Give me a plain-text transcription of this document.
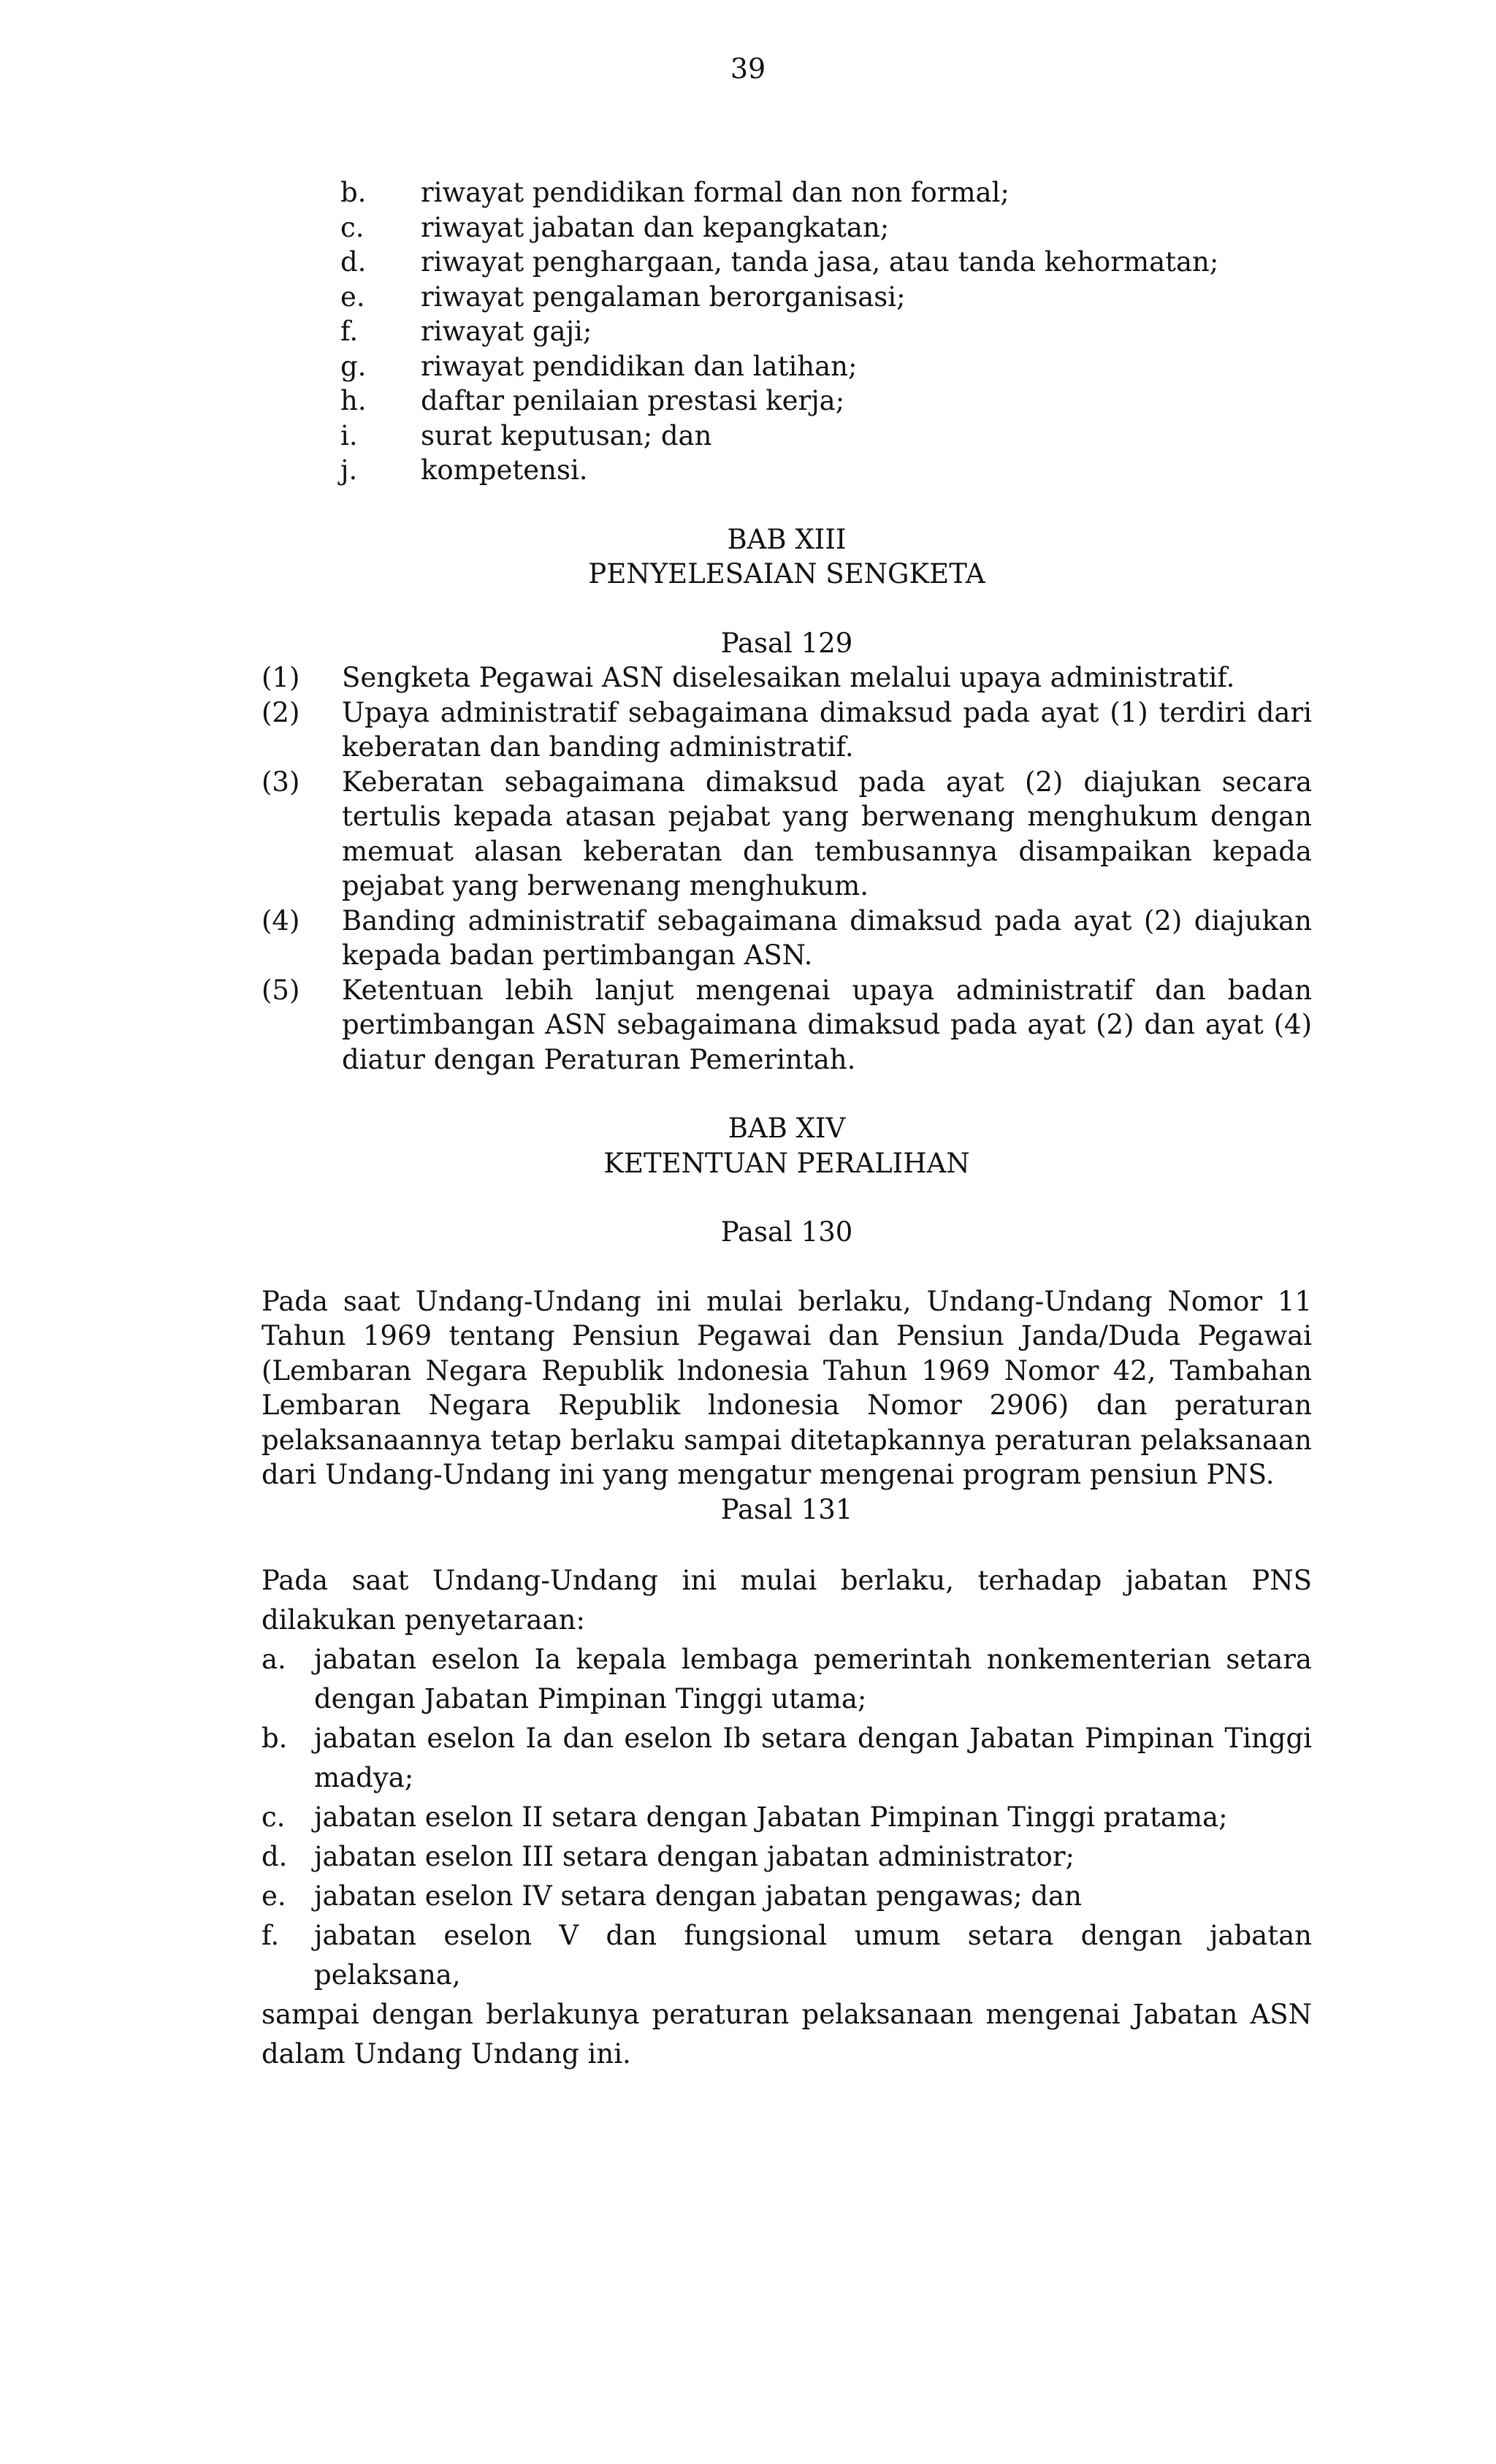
39
b.	riwayat pendidikan formal dan non formal;
c.	riwayat jabatan dan kepangkatan;
d.	riwayat penghargaan, tanda jasa, atau tanda kehormatan;
e.	riwayat pengalaman berorganisasi;
f.	riwayat gaji;
g.	riwayat pendidikan dan latihan;
h.	daftar penilaian prestasi kerja;
i.	surat keputusan; dan
j.	kompetensi.
BAB XIII
PENYELESAIAN SENGKETA
Pasal 129
(1)	Sengketa Pegawai ASN diselesaikan melalui upaya administratif.
(2)	Upaya administratif sebagaimana dimaksud pada ayat (1) terdiri dari keberatan dan banding administratif.
(3)	Keberatan sebagaimana dimaksud pada ayat (2) diajukan secara tertulis kepada atasan pejabat yang berwenang menghukum dengan memuat alasan keberatan dan tembusannya disampaikan kepada pejabat yang berwenang menghukum.
(4)	Banding administratif sebagaimana dimaksud pada ayat (2) diajukan kepada badan pertimbangan ASN.
(5)	Ketentuan lebih lanjut mengenai upaya administratif dan badan pertimbangan ASN sebagaimana dimaksud pada ayat (2) dan ayat (4) diatur dengan Peraturan Pemerintah.
BAB XIV
KETENTUAN PERALIHAN
Pasal 130
Pada saat Undang-Undang ini mulai berlaku, Undang-Undang Nomor 11 Tahun 1969 tentang Pensiun Pegawai dan Pensiun Janda/Duda Pegawai (Lembaran Negara Republik lndonesia Tahun 1969 Nomor 42, Tambahan Lembaran Negara Republik lndonesia Nomor 2906) dan peraturan pelaksanaannya tetap berlaku sampai ditetapkannya peraturan pelaksanaan dari Undang-Undang ini yang mengatur mengenai program pensiun PNS.
Pasal 131
Pada saat Undang-Undang ini mulai berlaku, terhadap jabatan PNS dilakukan penyetaraan:
a.	jabatan eselon Ia kepala lembaga pemerintah nonkementerian setara dengan Jabatan Pimpinan Tinggi utama;
b. jabatan eselon Ia dan eselon Ib setara dengan Jabatan Pimpinan Tinggi madya;
c.	jabatan eselon II setara dengan Jabatan Pimpinan Tinggi pratama;
d. jabatan eselon III setara dengan jabatan administrator;
e.	jabatan eselon IV setara dengan jabatan pengawas; dan
f.	jabatan eselon V dan fungsional umum setara dengan jabatan pelaksana,
sampai dengan berlakunya peraturan pelaksanaan mengenai Jabatan ASN dalam Undang Undang ini.
